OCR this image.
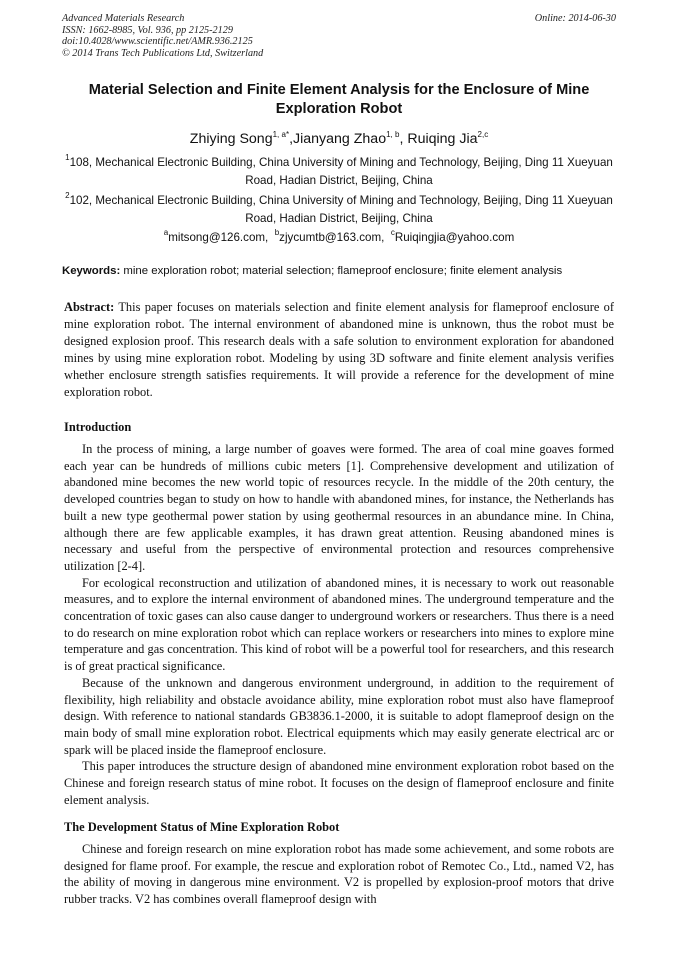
Advanced Materials Research
ISSN: 1662-8985, Vol. 936, pp 2125-2129
doi:10.4028/www.scientific.net/AMR.936.2125
© 2014 Trans Tech Publications Ltd, Switzerland
Online: 2014-06-30
Material Selection and Finite Element Analysis for the Enclosure of Mine Exploration Robot
Zhiying Song$^{1, a*}$,Jianyang Zhao$^{1, b}$, Ruiqing Jia$^{2,c}$
$^1$108, Mechanical Electronic Building, China University of Mining and Technology, Beijing, Ding 11 Xueyuan Road, Hadian District, Beijing, China
$^2$102, Mechanical Electronic Building, China University of Mining and Technology, Beijing, Ding 11 Xueyuan Road, Hadian District, Beijing, China
$^a$mitsong@126.com,  $^b$zjycumtb@163.com,  $^c$Ruiqingjia@yahoo.com
Keywords: mine exploration robot; material selection; flameproof enclosure; finite element analysis
Abstract: This paper focuses on materials selection and finite element analysis for flameproof enclosure of mine exploration robot. The internal environment of abandoned mine is unknown, thus the robot must be designed explosion proof. This research deals with a safe solution to environment exploration for abandoned mines by using mine exploration robot. Modeling by using 3D software and finite element analysis verifies whether enclosure strength satisfies requirements. It will provide a reference for the development of mine exploration robot.
Introduction

In the process of mining, a large number of goaves were formed. The area of coal mine goaves formed each year can be hundreds of millions cubic meters [1]. Comprehensive development and utilization of abandoned mine becomes the new world topic of resources recycle. In the middle of the 20th century, the developed countries began to study on how to handle with abandoned mines, for instance, the Netherlands has built a new type geothermal power station by using geothermal resources in an abundance mine. In China, although there are few applicable examples, it has drawn great attention. Reusing abandoned mines is necessary and useful from the perspective of environmental protection and resources comprehensive utilization [2-4].

For ecological reconstruction and utilization of abandoned mines, it is necessary to work out reasonable measures, and to explore the internal environment of abandoned mines. The underground temperature and the concentration of toxic gases can also cause danger to underground workers or researchers. Thus there is a need to do research on mine exploration robot which can replace workers or researchers into mines to explore mine temperature and gas concentration. This kind of robot will be a powerful tool for researchers, and this research is of great practical significance.

Because of the unknown and dangerous environment underground, in addition to the requirement of flexibility, high reliability and obstacle avoidance ability, mine exploration robot must also have flameproof design. With reference to national standards GB3836.1-2000, it is suitable to adopt flameproof design on the main body of small mine exploration robot. Electrical equipments which may easily generate electrical arc or spark will be placed inside the flameproof enclosure.

This paper introduces the structure design of abandoned mine environment exploration robot based on the Chinese and foreign research status of mine robot. It focuses on the design of flameproof enclosure and finite element analysis.

The Development Status of Mine Exploration Robot

Chinese and foreign research on mine exploration robot has made some achievement, and some robots are designed for flame proof. For example, the rescue and exploration robot of Remotec Co., Ltd., named V2, has the ability of moving in dangerous mine environment. V2 is propelled by explosion-proof motors that drive rubber tracks. V2 has combines overall flameproof design with
